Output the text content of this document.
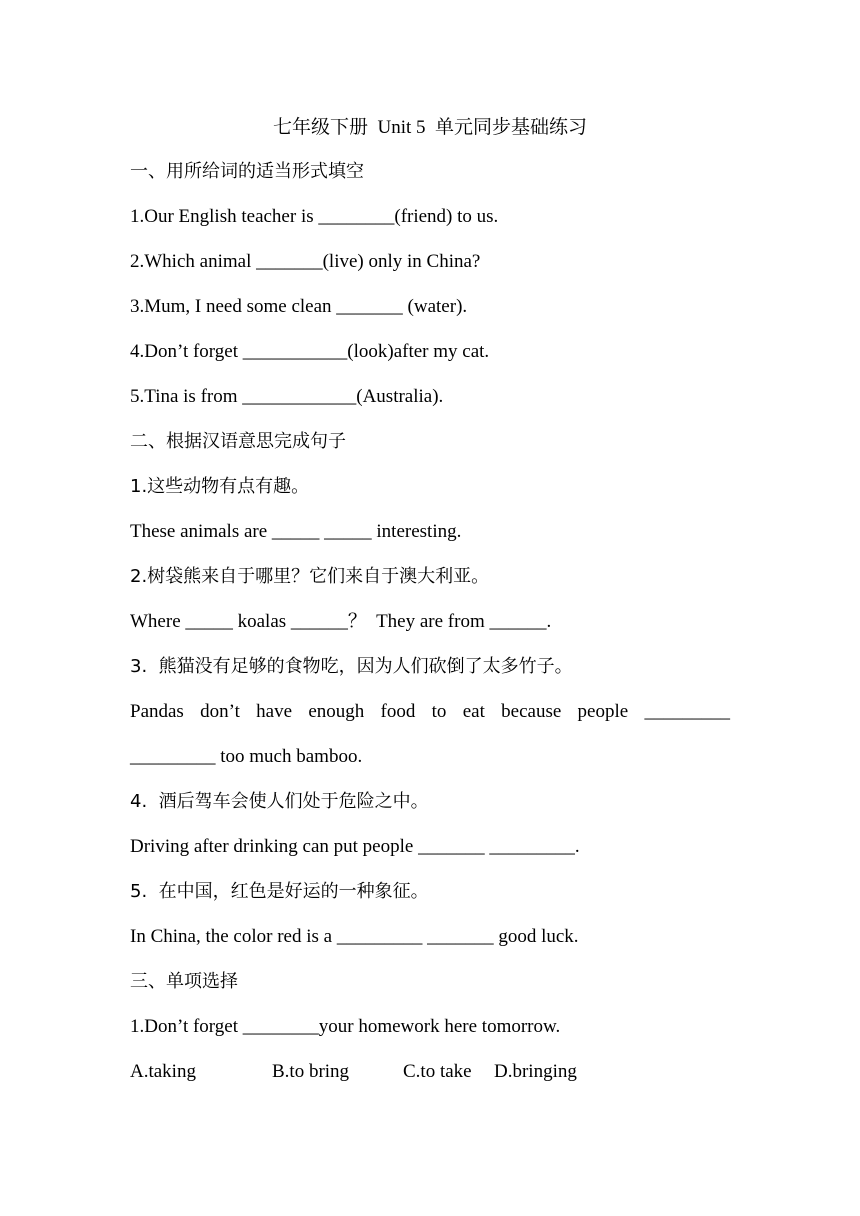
七年级下册  Unit 5  单元同步基础练习
一、用所给词的适当形式填空
1.Our English teacher is ________(friend) to us.
2.Which animal _______(live) only in China?
3.Mum, I need some clean _______ (water).
4.Don’t forget ___________(look)after my cat.
5.Tina is from ____________(Australia).
二、根据汉语意思完成句子
1.这些动物有点有趣。
These animals are _____ _____ interesting.
2.树袋熊来自于哪里？它们来自于澳大利亚。
Where _____ koalas ______？  They are from ______.
3.  熊猫没有足够的食物吃，因为人们砍倒了太多竹子。
Pandas don’t have enough food to eat because people _________
_________ too much bamboo.
4.  酒后驾车会使人们处于危险之中。
Driving after drinking can put people _______ _________.
5.  在中国，红色是好运的一种象征。
In China, the color red is a _________ _______ good luck.
三、单项选择
1.Don’t forget ________your homework here tomorrow.
A.taking	B.to bring	C.to take D.bringing
